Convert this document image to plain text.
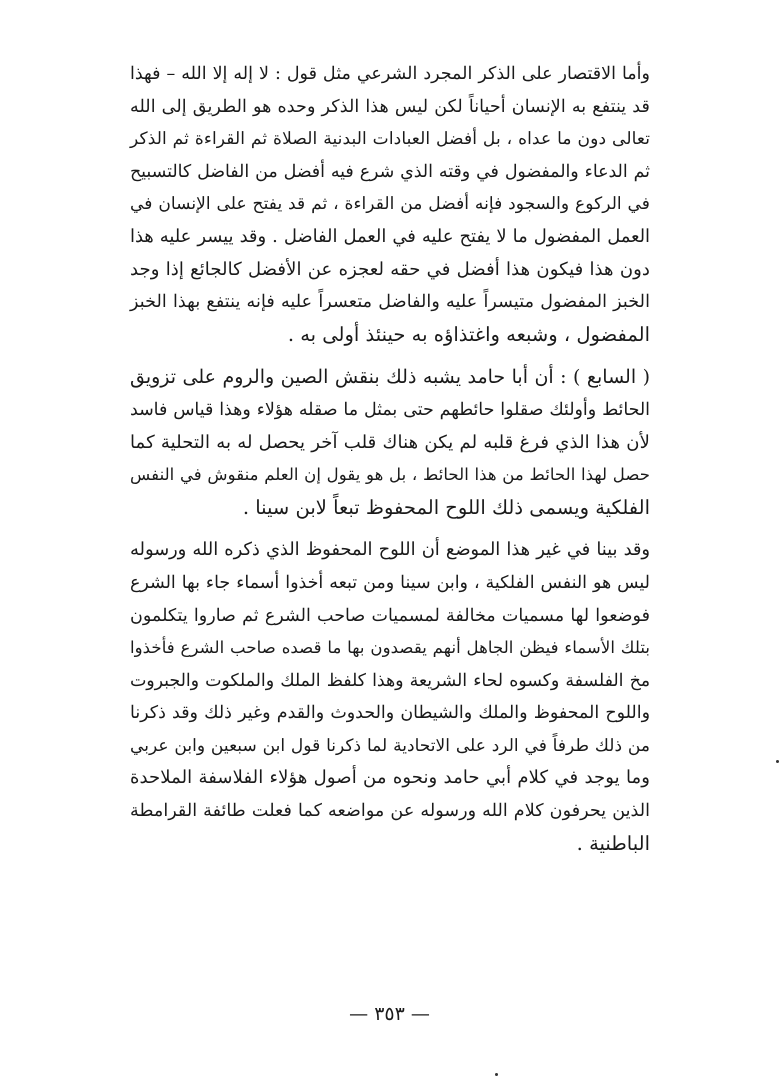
وأما الاقتصار على الذكر المجرد الشرعي مثل قول : لا إله إلا الله – فهذا
قد ينتفع به الإنسان أحياناً لكن ليس هذا الذكر وحده هو الطريق إلى الله
تعالى دون ما عداه ، بل أفضل العبادات البدنية الصلاة ثم القراءة ثم الذكر
ثم الدعاء والمفضول في وقته الذي شرع فيه أفضل من الفاضل كالتسبيح
في الركوع والسجود فإنه أفضل من القراءة ، ثم قد يفتح على الإنسان في
العمل المفضول ما لا يفتح عليه في العمل الفاضل . وقد ييسر عليه هذا
دون هذا فيكون هذا أفضل في حقه لعجزه عن الأفضل كالجائع إذا وجد
الخبز المفضول متيسراً عليه والفاضل متعسراً عليه فإنه ينتفع بهذا الخبز
المفضول ، وشبعه واغتذاؤه به حينئذ أولى به .

( السابع ) : أن أبا حامد يشبه ذلك بنقش الصين والروم على تزويق
الحائط وأولئك صقلوا حائطهم حتى بمثل ما صقله هؤلاء وهذا قياس فاسد
لأن هذا الذي فرغ قلبه لم يكن هناك قلب آخر يحصل له به التحلية كما
حصل لهذا الحائط من هذا الحائط ، بل هو يقول إن العلم منقوش في النفس
الفلكية ويسمى ذلك اللوح المحفوظ تبعاً لابن سينا .

وقد بينا في غير هذا الموضع أن اللوح المحفوظ الذي ذكره الله ورسوله
ليس هو النفس الفلكية ، وابن سينا ومن تبعه أخذوا أسماء جاء بها الشرع
فوضعوا لها مسميات مخالفة لمسميات صاحب الشرع ثم صاروا يتكلمون
بتلك الأسماء فيظن الجاهل أنهم يقصدون بها ما قصده صاحب الشرع فأخذوا
مخ الفلسفة وكسوه لحاء الشريعة وهذا كلفظ الملك والملكوت والجبروت
واللوح المحفوظ والملك والشيطان والحدوث والقدم وغير ذلك وقد ذكرنا
من ذلك طرفاً في الرد على الاتحادية لما ذكرنا قول ابن سبعين وابن عربي
وما يوجد في كلام أبي حامد ونحوه من أصول هؤلاء الفلاسفة الملاحدة
الذين يحرفون كلام الله ورسوله عن مواضعه كما فعلت طائفة القرامطة
الباطنية .

— ٣٥٣ —
